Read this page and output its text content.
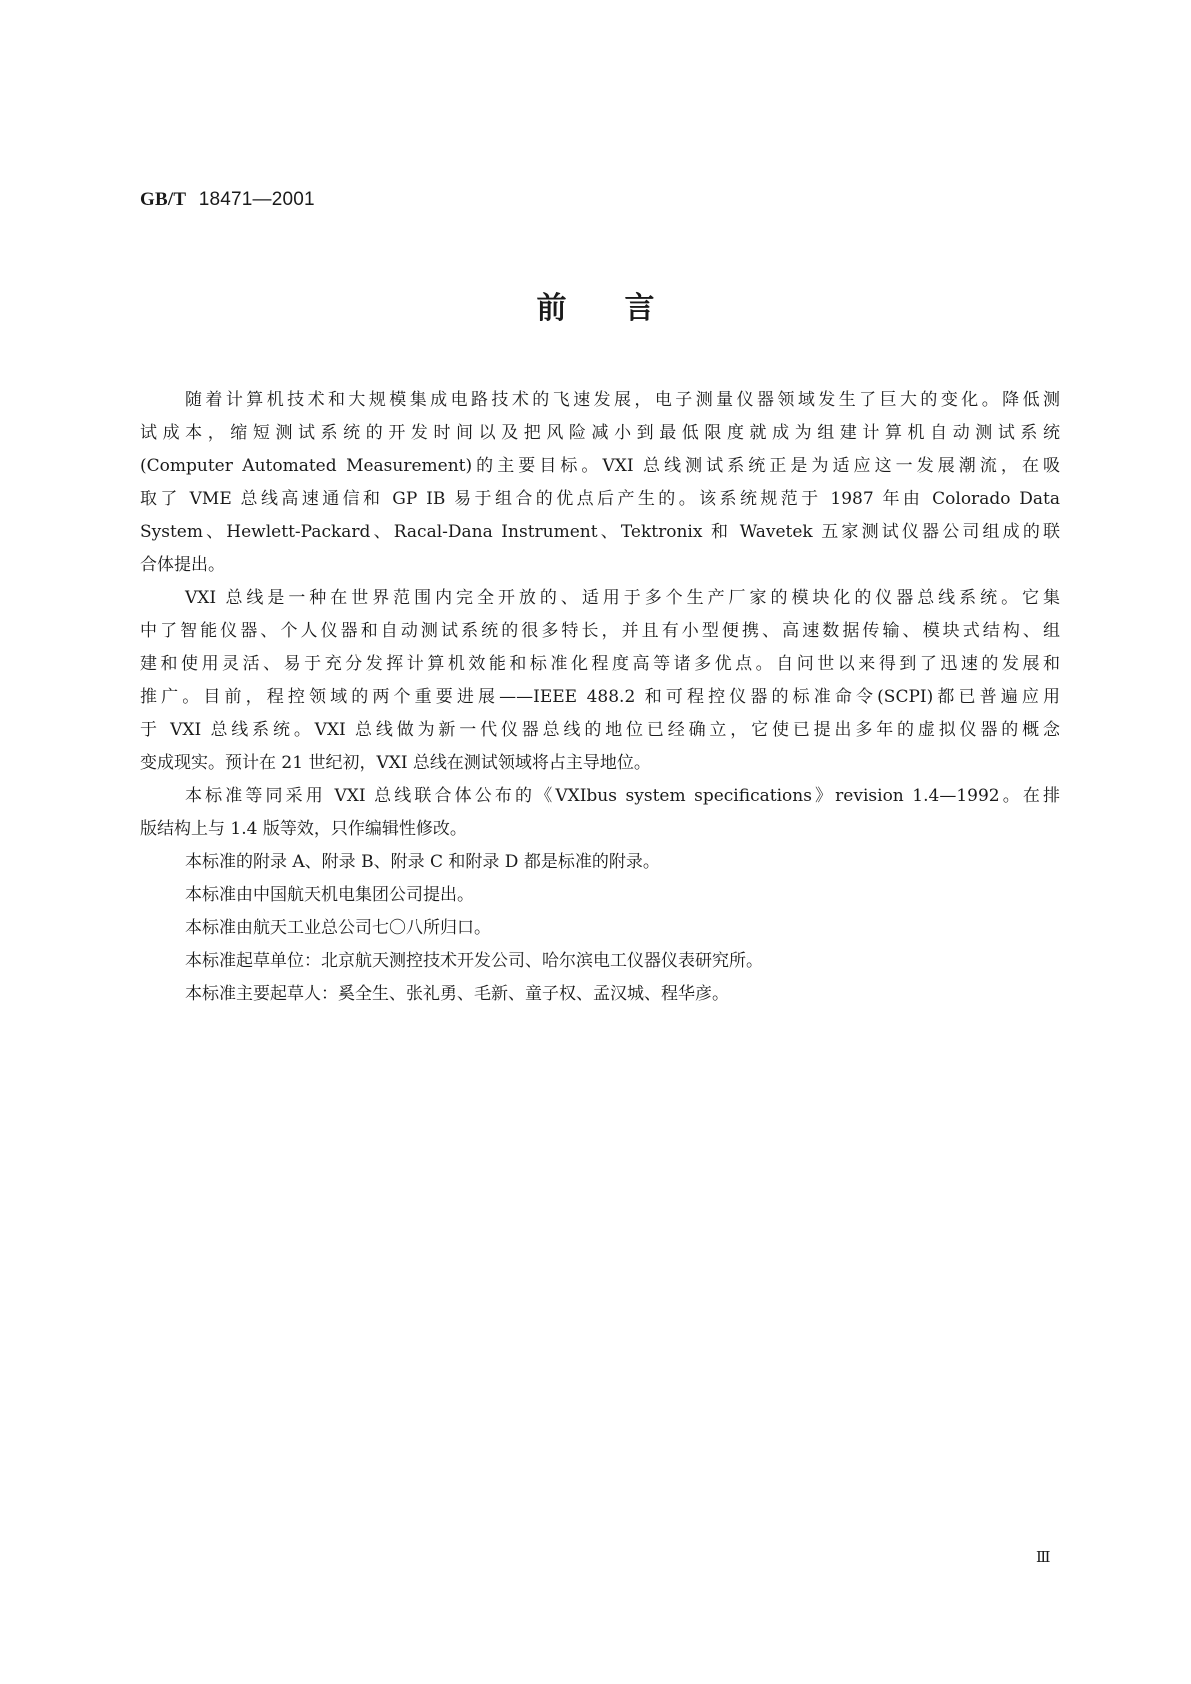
GB/T 18471—2001
前言

随着计算机技术和大规模集成电路技术的飞速发展，电子测量仪器领域发生了巨大的变化。降低测
试成本，缩短测试系统的开发时间以及把风险减小到最低限度就成为组建计算机自动测试系统
(Computer Automated Measurement)的主要目标。VXI 总线测试系统正是为适应这一发展潮流，在吸
取了 VME 总线高速通信和 GP IB 易于组合的优点后产生的。该系统规范于 1987 年由 Colorado Data
System、Hewlett-Packard、Racal-Dana Instrument、Tektronix 和 Wavetek 五家测试仪器公司组成的联
合体提出。

VXI 总线是一种在世界范围内完全开放的、适用于多个生产厂家的模块化的仪器总线系统。它集
中了智能仪器、个人仪器和自动测试系统的很多特长，并且有小型便携、高速数据传输、模块式结构、组
建和使用灵活、易于充分发挥计算机效能和标准化程度高等诸多优点。自问世以来得到了迅速的发展和
推广。目前，程控领域的两个重要进展——IEEE 488.2 和可程控仪器的标准命令(SCPI)都已普遍应用
于 VXI 总线系统。VXI 总线做为新一代仪器总线的地位已经确立，它使已提出多年的虚拟仪器的概念
变成现实。预计在 21 世纪初，VXI 总线在测试领域将占主导地位。

本标准等同采用 VXI 总线联合体公布的《VXIbus system specifications》revision 1.4—1992。在排
版结构上与 1.4 版等效，只作编辑性修改。

本标准的附录 A、附录 B、附录 C 和附录 D 都是标准的附录。

本标准由中国航天机电集团公司提出。

本标准由航天工业总公司七〇八所归口。

本标准起草单位：北京航天测控技术开发公司、哈尔滨电工仪器仪表研究所。

本标准主要起草人：奚全生、张礼勇、毛新、童子权、孟汉城、程华彦。

Ⅲ
